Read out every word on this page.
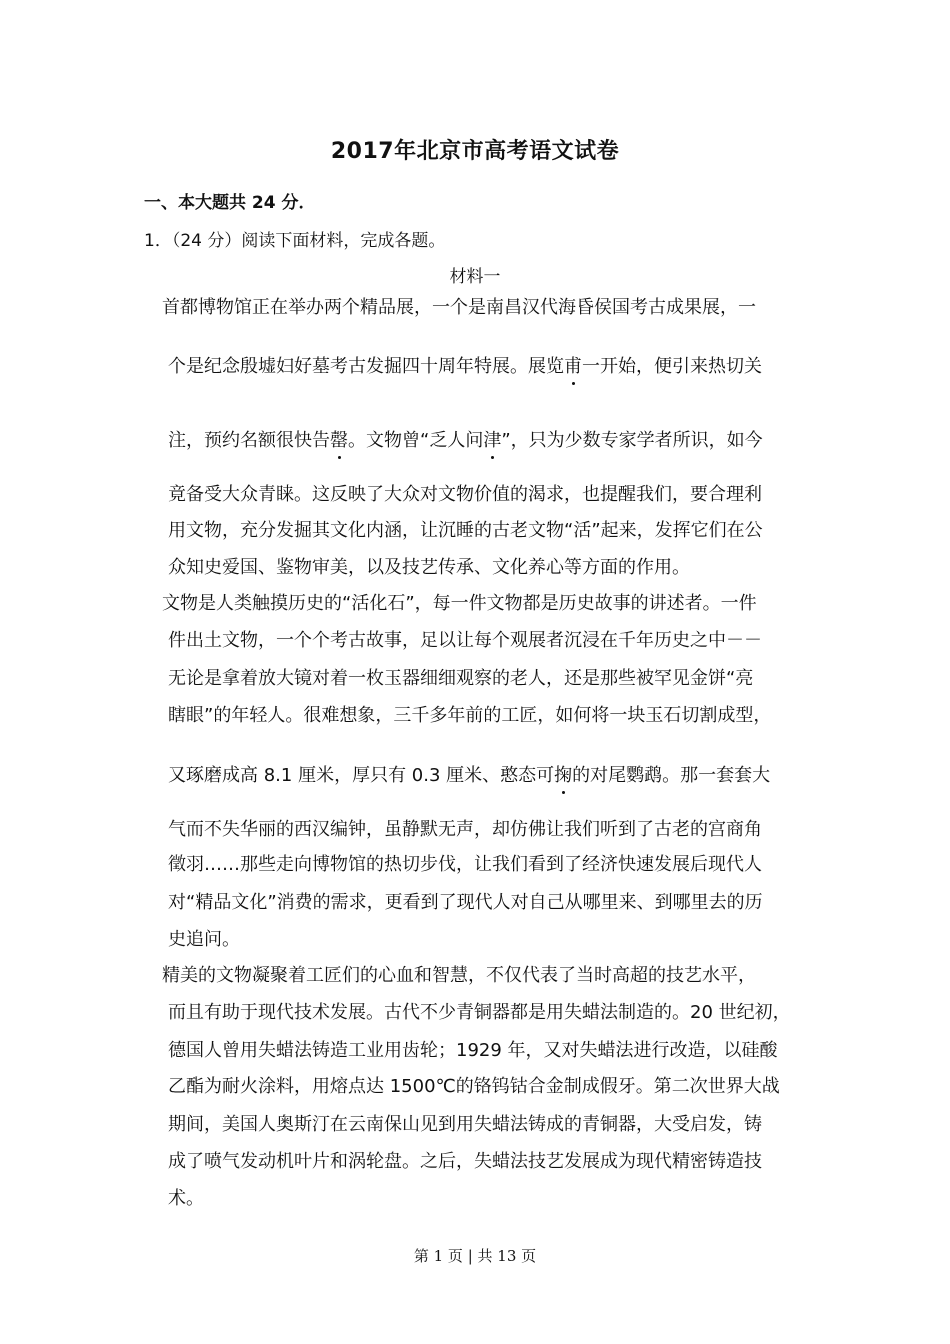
2017年北京市高考语文试卷
一、本大题共 24 分．
1．（24 分）阅读下面材料，完成各题。
材料一
首都博物馆正在举办两个精品展，一个是南昌汉代海昏侯国考古成果展，一
个是纪念殷墟妇好墓考古发掘四十周年特展。展览甫一开始，便引来热切关
注，预约名额很快告罄。文物曾“乏人问津”，只为少数专家学者所识，如今
竟备受大众青睐。这反映了大众对文物价值的渴求，也提醒我们，要合理利
用文物，充分发掘其文化内涵，让沉睡的古老文物“活”起来，发挥它们在公
众知史爱国、鉴物审美，以及技艺传承、文化养心等方面的作用。
文物是人类触摸历史的“活化石”，每一件文物都是历史故事的讲述者。一件
件出土文物，一个个考古故事，足以让每个观展者沉浸在千年历史之中－－
无论是拿着放大镜对着一枚玉器细细观察的老人，还是那些被罕见金饼“亮
瞎眼”的年轻人。很难想象，三千多年前的工匠，如何将一块玉石切割成型，
又琢磨成高 8.1 厘米，厚只有 0.3 厘米、憨态可掬的对尾鹦鹉。那一套套大
气而不失华丽的西汉编钟，虽静默无声，却仿佛让我们听到了古老的宫商角
徵羽……那些走向博物馆的热切步伐，让我们看到了经济快速发展后现代人
对“精品文化”消费的需求，更看到了现代人对自己从哪里来、到哪里去的历
史追问。
精美的文物凝聚着工匠们的心血和智慧，不仅代表了当时高超的技艺水平，
而且有助于现代技术发展。古代不少青铜器都是用失蜡法制造的。20 世纪初，
德国人曾用失蜡法铸造工业用齿轮；1929 年，又对失蜡法进行改造，以硅酸
乙酯为耐火涂料，用熔点达 1500℃的铬钨钴合金制成假牙。第二次世界大战
期间，美国人奥斯汀在云南保山见到用失蜡法铸成的青铜器，大受启发，铸
成了喷气发动机叶片和涡轮盘。之后，失蜡法技艺发展成为现代精密铸造技
术。
第 1 页 | 共 13 页
